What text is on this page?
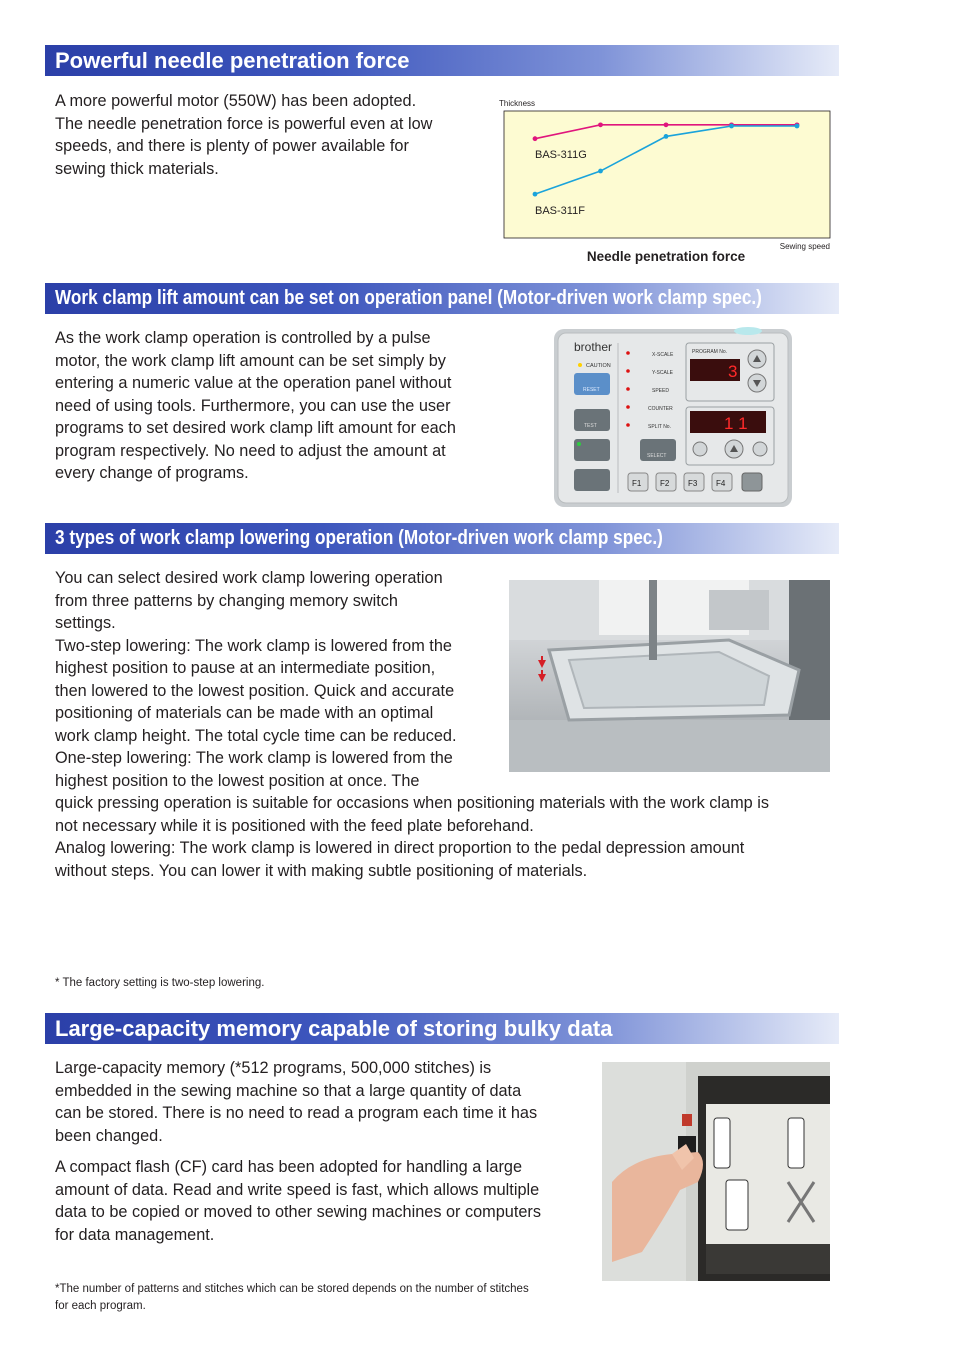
Powerful needle penetration force

A more powerful motor (550W) has been adopted.

The needle penetration force is powerful even at low

speeds, and there is plenty of power available for

sewing thick materials.

Thickness
BAS-311G
BAS-311F
Sewing speed
Needle penetration force
Work clamp lift amount can be set on operation panel (Motor-driven work clamp spec.)

As the work clamp operation is controlled by a pulse

motor, the work clamp lift amount can be set simply by

entering a numeric value at the operation panel without

need of using tools. Furthermore, you can use the user

programs to set desired work clamp lift amount for each

program respectively. No need to adjust the amount at

every change of programs.

brother
CAUTION
RESET
TEST
X-SCALE
Y-SCALE
SPEED
COUNTER
SPLIT No.
PROGRAM No.
3
1 1
SELECT
F1 F2 F3 F4
3 types of work clamp lowering operation (Motor-driven work clamp spec.)

You can select desired work clamp lowering operation

from three patterns by changing memory switch

settings.

Two-step lowering: The work clamp is lowered from the

highest position to pause at an intermediate position,

then lowered to the lowest position. Quick and accurate

positioning of materials can be made with an optimal

work clamp height. The total cycle time can be reduced.

One-step lowering: The work clamp is lowered from the

highest position to the lowest position at once. The

quick pressing operation is suitable for occasions when positioning materials with the work clamp is

not necessary while it is positioned with the feed plate beforehand.

Analog lowering: The work clamp is lowered in direct proportion to the pedal depression amount

without steps. You can lower it with making subtle positioning of materials.

* The factory setting is two-step lowering.

Large-capacity memory capable of storing bulky data

Large-capacity memory (*512 programs, 500,000 stitches) is

embedded in the sewing machine so that a large quantity of data

can be stored. There is no need to read a program each time it has

been changed.

A compact flash (CF) card has been adopted for handling a large

amount of data. Read and write speed is fast, which allows multiple

data to be copied or moved to other sewing machines or computers

for data management.

*The number of patterns and stitches which can be stored depends on the number of stitches

for each program.
